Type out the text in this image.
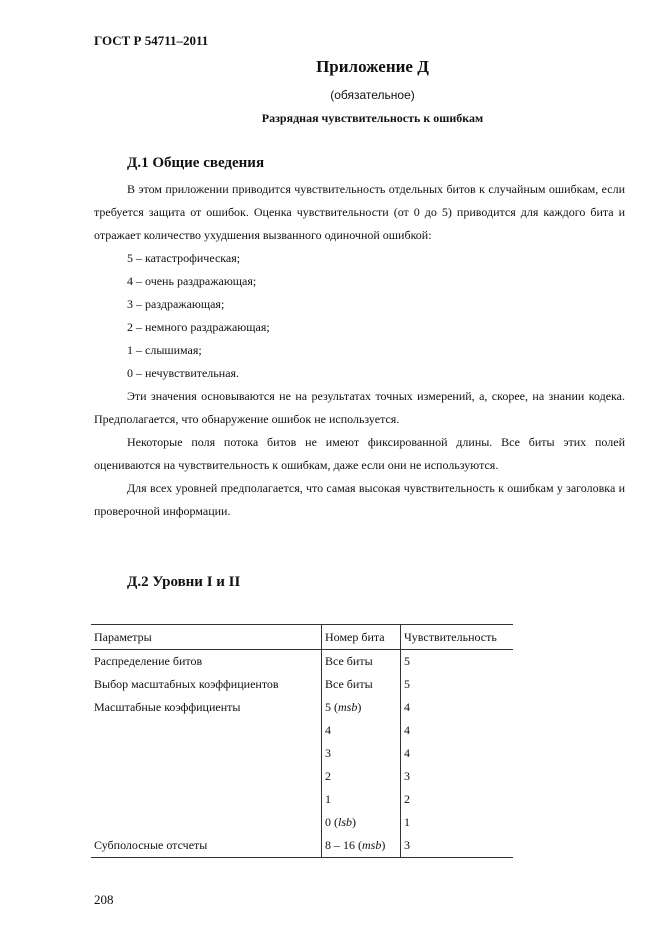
ГОСТ Р 54711–2011
Приложение Д
(обязательное)
Разрядная чувствительность к ошибкам
Д.1 Общие сведения

В этом приложении приводится чувствительность отдельных битов к случайным ошибкам, если требуется защита от ошибок. Оценка чувствительности (от 0 до 5) приводится для каждого бита и отражает количество ухудшения вызванного одиночной ошибкой:

5 – катастрофическая;
4 – очень раздражающая;
3 – раздражающая;
2 – немного раздражающая;
1 – слышимая;
0 – нечувствительная.

Эти значения основываются не на результатах точных измерений, а, скорее, на знании кодека. Предполагается, что обнаружение ошибок не используется.

Некоторые поля потока битов не имеют фиксированной длины. Все биты этих полей оцениваются на чувствительность к ошибкам, даже если они не используются.

Для всех уровней предполагается, что самая высокая чувствительность к ошибкам у заголовка и проверочной информации.

Д.2 Уровни I и II
Параметры	Номер бита	Чувствительность
Распределение битов	Все биты	5
Выбор масштабных коэффициентов	Все биты	5
Масштабные коэффициенты	5 (msb)	4
	4	4
	3	4
	2	3
	1	2
	0 (lsb)	1
Субполосные отсчеты	8 – 16 (msb)	3
208
